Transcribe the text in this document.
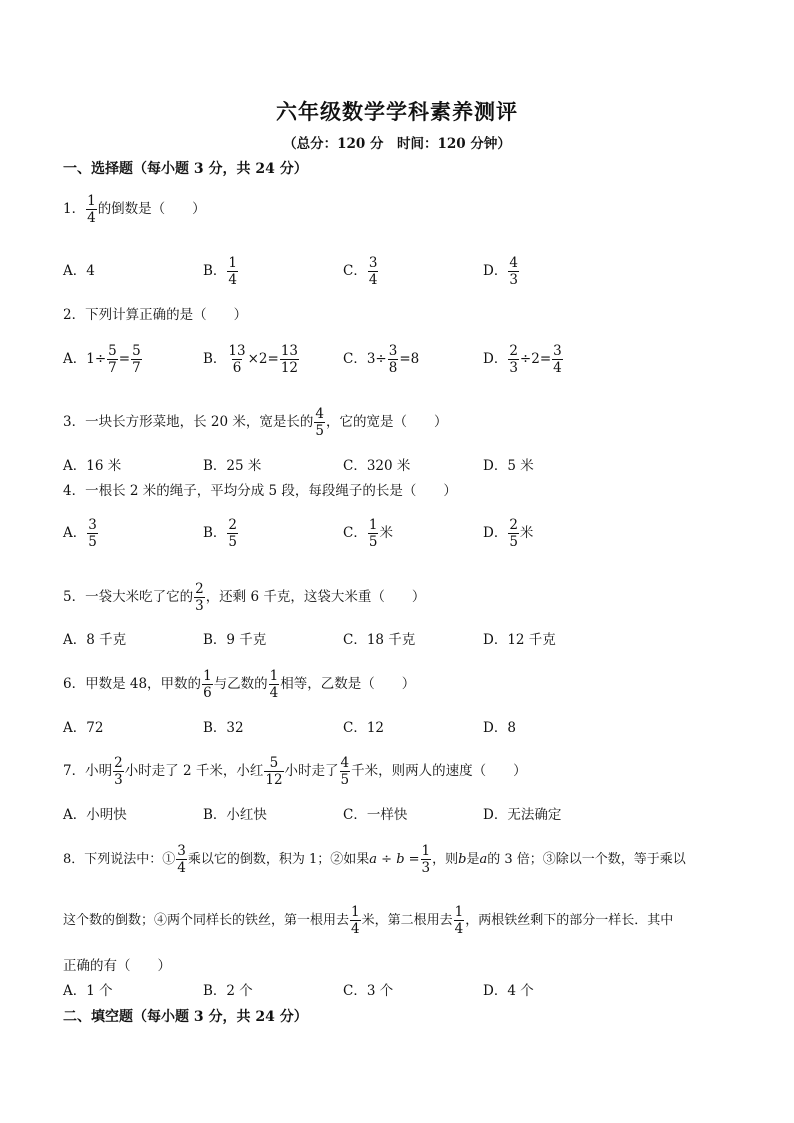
六年级数学学科素养测评
（总分：120 分　时间：120 分钟）
一、选择题（每小题 3 分，共 24 分）
1． $\frac{1}{4}$ 的倒数是（　　）
A．4	B． $\frac{1}{4}$	C． $\frac{3}{4}$	D． $\frac{4}{3}$
2．下列计算正确的是（　　）
A．$1\div \frac{5}{7} = \frac{5}{7}$	B． $\frac{13}{6} \times 2= \frac{13}{12}$	C．$3\div \frac{3}{8} =8$	D． $\frac{2}{3} \div 2= \frac{3}{4}$
3．一块长方形菜地，长 20 米，宽是长的 $\frac{4}{5}$ ，它的宽是（　　）
A．16 米	B．25 米	C．320 米	D．5 米
4．一根长 2 米的绳子，平均分成 5 段，每段绳子的长是（　　）
A． $\frac{3}{5}$	B． $\frac{2}{5}$	C． $\frac{1}{5}$ 米	D． $\frac{2}{5}$ 米
5．一袋大米吃了它的 $\frac{2}{3}$ ，还剩 6 千克，这袋大米重（　　）
A．8 千克	B．9 千克	C．18 千克	D．12 千克
6．甲数是 48，甲数的 $\frac{1}{6}$ 与乙数的 $\frac{1}{4}$ 相等，乙数是（　　）
A．72	B．32	C．12	D．8
7．小明 $\frac{2}{3}$ 小时走了 2 千米，小红 $\frac{5}{12}$ 小时走了 $\frac{4}{5}$ 千米，则两人的速度（　　）
A．小明快	B．小红快	C．一样快	D．无法确定
8．下列说法中：① $\frac{3}{4}$ 乘以它的倒数，积为 1；②如果$a \div b = \frac{1}{3}$ ，则b是a的 3 倍；③除以一个数，等于乘以
这个数的倒数；④两个同样长的铁丝，第一根用去 $\frac{1}{4}$ 米，第二根用去 $\frac{1}{4}$ ，两根铁丝剩下的部分一样长．其中
正确的有（　　）
A．1 个	B．2 个	C．3 个	D．4 个
二、填空题（每小题 3 分，共 24 分）
